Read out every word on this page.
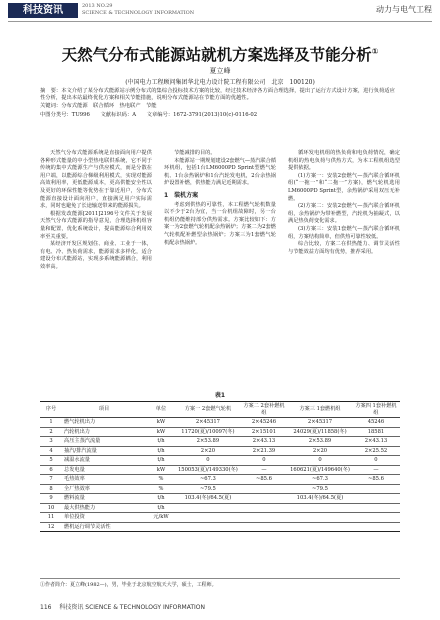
科技资讯	2013 NO.29
SCIENCE & TECHNOLOGY INFORMATION	动力与电气工程
天然气分布式能源站就机方案选择及节能分析①
夏立峰
(中国电力工程顾问集团华北电力设计院工程有限公司　北京　100120)

摘　要：本文介绍了某分布式能源站示例分布式的集综合投标技术方案的比较，经过技术经济各方面合理选择，提出了运行方式设计方案，进行负荷适应性分析，提出本站最终优化方案和相关节能措施，说明分布式能源站在节能方面的优越性。

关键词：分布式能源　联合循环　热电联产　节能

中图分类号：TU996　　文献标识码：A　　文章编号：1672-3791(2013)10(c)-0116-02

天然气分布式能源系统是直接面向用户提供各种形式能量的中小型热电联供系统，它不同于传统的集中式能源生产与供应模式，而是分散在用户端，以能源综合梯级利用模式，实现对能源高效利用率，更低能源成本，更高供能安全性以及更好的环保性能等优势在于靠近用户，分布式能源直接设计面向用户，直接满足用户实际需求，同时也避免了长途输送带来的能源损失。

根据发改能源[2011]2196号文件关于发展天然气分布式能源的指导意见，合理选择机组容量和配置，优化系统设计，提高能源综合利用效率至关重要。

某经济开发区规划住、商业、工业于一体，有电、冷、热负荷需求，能源需求多样化，适合建设分布式能源站，实现多系统能源耦合，利用效率高。

节能减排的目的。

本能源站一期规划建设2套燃气—蒸汽联合循环机组，包括1台LM6000PD Sprint型燃气轮机、1台余热锅炉和1台汽轮发电机，2台余热锅炉设置补燃，供热能力满足近期需求。

1　装机方案

考虑到供热的可靠性，本工程燃气轮机数量以不少于2台为宜，当一台机组故障时，另一台机组仍能维持部分供热需求。方案比较如下：方案一为2套燃气轮机配余热锅炉；方案二为2套燃气轮机配补燃型余热锅炉；方案三为1套燃气轮机配余热锅炉。

循环发电机组的热负荷和电负荷情况，确定机组的热电负荷与供热方式，为本工程机组选型提供依据。

(1)方案一：安装2套燃气—蒸汽联合循环机组(“一拖一”和“二拖一”方案)，燃气轮机选用LM6000PD Sprint型，余热锅炉采用双压无补燃。

(2)方案二：安装2套燃气—蒸汽联合循环机组，余热锅炉为带补燃型，汽轮机为抽凝式，以满足热负荷变化需求。

(3)方案三：安装1套燃气—蒸汽联合循环机组，方案结构简单，但供热可靠性较低。

综合比较，方案二在供热能力、调节灵活性与节能效益方面均有优势，推荐采用。

表1
序号	项目	单位	方案一 2套燃气轮机	方案二 2套补燃机组	方案三 1套燃机组	方案四 1套补燃机组
1	燃气轮机出力	kW	2×45317	2×45246	2×45317	45246
2	汽轮机出力	kW	11720(夏)/10097(冬)	2×15101	24029(夏)/11858(冬)	18581
3	高压主蒸汽流量	t/h	2×53.89	2×43.13	2×53.89	2×43.13
4	抽汽/排汽流量	t/h	2×20	2×21.39	2×20	2×25.52
5	减温水流量	t/h	0	0	0	0
6	总发电量	kW	150053(夏)/149330(冬)	—	160621(夏)/149640(冬)	—
7	毛热效率	%	~67.3	~85.6	~67.3	~85.6
8	全厂热效率	%	~79.5		~79.5	
9	燃料流量	t/h	103.4(冬)/64.5(夏)		103.4(冬)/64.5(夏)	
10	最大供热能力	t/h				
11	单位投资	元/kW				
12	燃机运行调节灵活性					
①作者简介：夏立峰(1982—)，男，毕业于北京航空航天大学，硕士，工程师。
116 科技资讯 SCIENCE & TECHNOLOGY INFORMATION
